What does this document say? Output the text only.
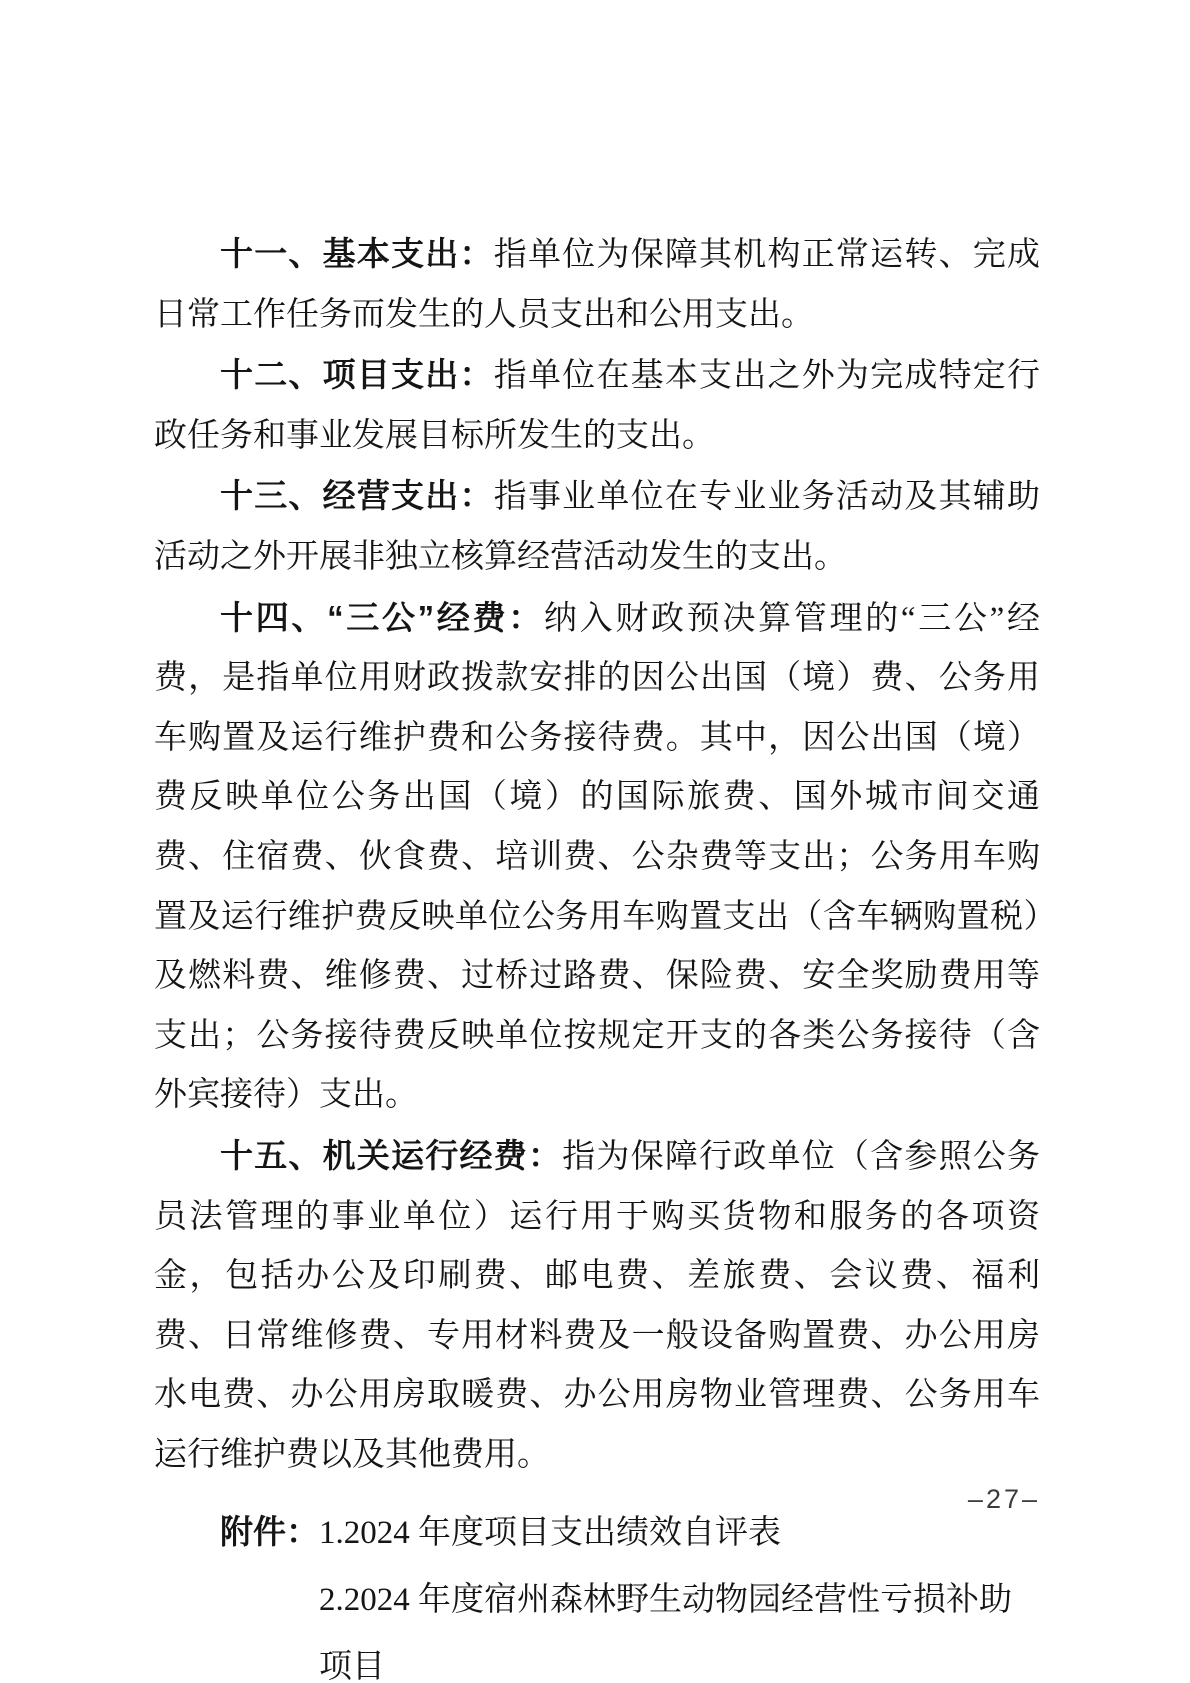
十一、基本支出：指单位为保障其机构正常运转、完成日常工作任务而发生的人员支出和公用支出。

十二、项目支出：指单位在基本支出之外为完成特定行政任务和事业发展目标所发生的支出。

十三、经营支出：指事业单位在专业业务活动及其辅助活动之外开展非独立核算经营活动发生的支出。

十四、“三公”经费：纳入财政预决算管理的“三公”经费，是指单位用财政拨款安排的因公出国（境）费、公务用车购置及运行维护费和公务接待费。其中，因公出国（境）费反映单位公务出国（境）的国际旅费、国外城市间交通费、住宿费、伙食费、培训费、公杂费等支出；公务用车购置及运行维护费反映单位公务用车购置支出（含车辆购置税）及燃料费、维修费、过桥过路费、保险费、安全奖励费用等支出；公务接待费反映单位按规定开支的各类公务接待（含外宾接待）支出。

十五、机关运行经费：指为保障行政单位（含参照公务员法管理的事业单位）运行用于购买货物和服务的各项资金，包括办公及印刷费、邮电费、差旅费、会议费、福利费、日常维修费、专用材料费及一般设备购置费、办公用房水电费、办公用房取暖费、办公用房物业管理费、公务用车运行维护费以及其他费用。

附件：1.2024 年度项目支出绩效自评表

2.2024 年度宿州森林野生动物园经营性亏损补助项目

–27–
